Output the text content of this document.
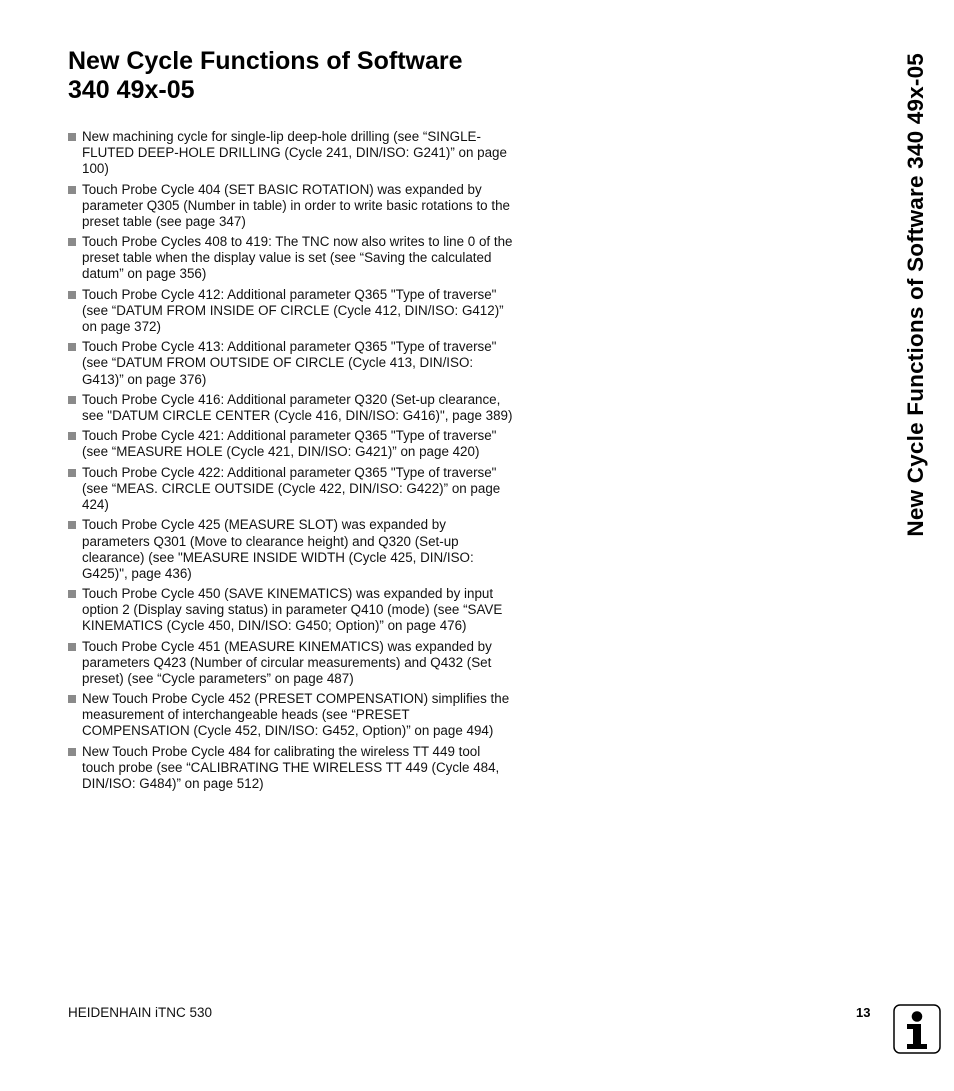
New Cycle Functions of Software
340 49x-05
New machining cycle for single-lip deep-hole drilling (see “SINGLE-FLUTED DEEP-HOLE DRILLING (Cycle 241, DIN/ISO: G241)” on page 100)
Touch Probe Cycle 404 (SET BASIC ROTATION) was expanded by parameter Q305 (Number in table) in order to write basic rotations to the preset table (see page 347)
Touch Probe Cycles 408 to 419: The TNC now also writes to line 0 of the preset table when the display value is set (see “Saving the calculated datum” on page 356)
Touch Probe Cycle 412: Additional parameter Q365 "Type of traverse" (see “DATUM FROM INSIDE OF CIRCLE (Cycle 412, DIN/ISO: G412)” on page 372)
Touch Probe Cycle 413: Additional parameter Q365 "Type of traverse" (see “DATUM FROM OUTSIDE OF CIRCLE (Cycle 413, DIN/ISO: G413)” on page 376)
Touch Probe Cycle 416: Additional parameter Q320 (Set-up clearance, see "DATUM CIRCLE CENTER (Cycle 416, DIN/ISO: G416)", page 389)
Touch Probe Cycle 421: Additional parameter Q365 "Type of traverse" (see “MEASURE HOLE (Cycle 421, DIN/ISO: G421)” on page 420)
Touch Probe Cycle 422: Additional parameter Q365 "Type of traverse" (see “MEAS. CIRCLE OUTSIDE (Cycle 422, DIN/ISO: G422)” on page 424)
Touch Probe Cycle 425 (MEASURE SLOT) was expanded by parameters Q301 (Move to clearance height) and Q320 (Set-up clearance) (see "MEASURE INSIDE WIDTH (Cycle 425, DIN/ISO: G425)", page 436)
Touch Probe Cycle 450 (SAVE KINEMATICS) was expanded by input option 2 (Display saving status) in parameter Q410 (mode) (see “SAVE KINEMATICS (Cycle 450, DIN/ISO: G450; Option)” on page 476)
Touch Probe Cycle 451 (MEASURE KINEMATICS) was expanded by parameters Q423 (Number of circular measurements) and Q432 (Set preset) (see “Cycle parameters” on page 487)
New Touch Probe Cycle 452 (PRESET COMPENSATION) simplifies the measurement of interchangeable heads (see “PRESET COMPENSATION (Cycle 452, DIN/ISO: G452, Option)” on page 494)
New Touch Probe Cycle 484 for calibrating the wireless TT 449 tool touch probe (see “CALIBRATING THE WIRELESS TT 449 (Cycle 484, DIN/ISO: G484)” on page 512)
New Cycle Functions of Software 340 49x-05
HEIDENHAIN iTNC 530	13
